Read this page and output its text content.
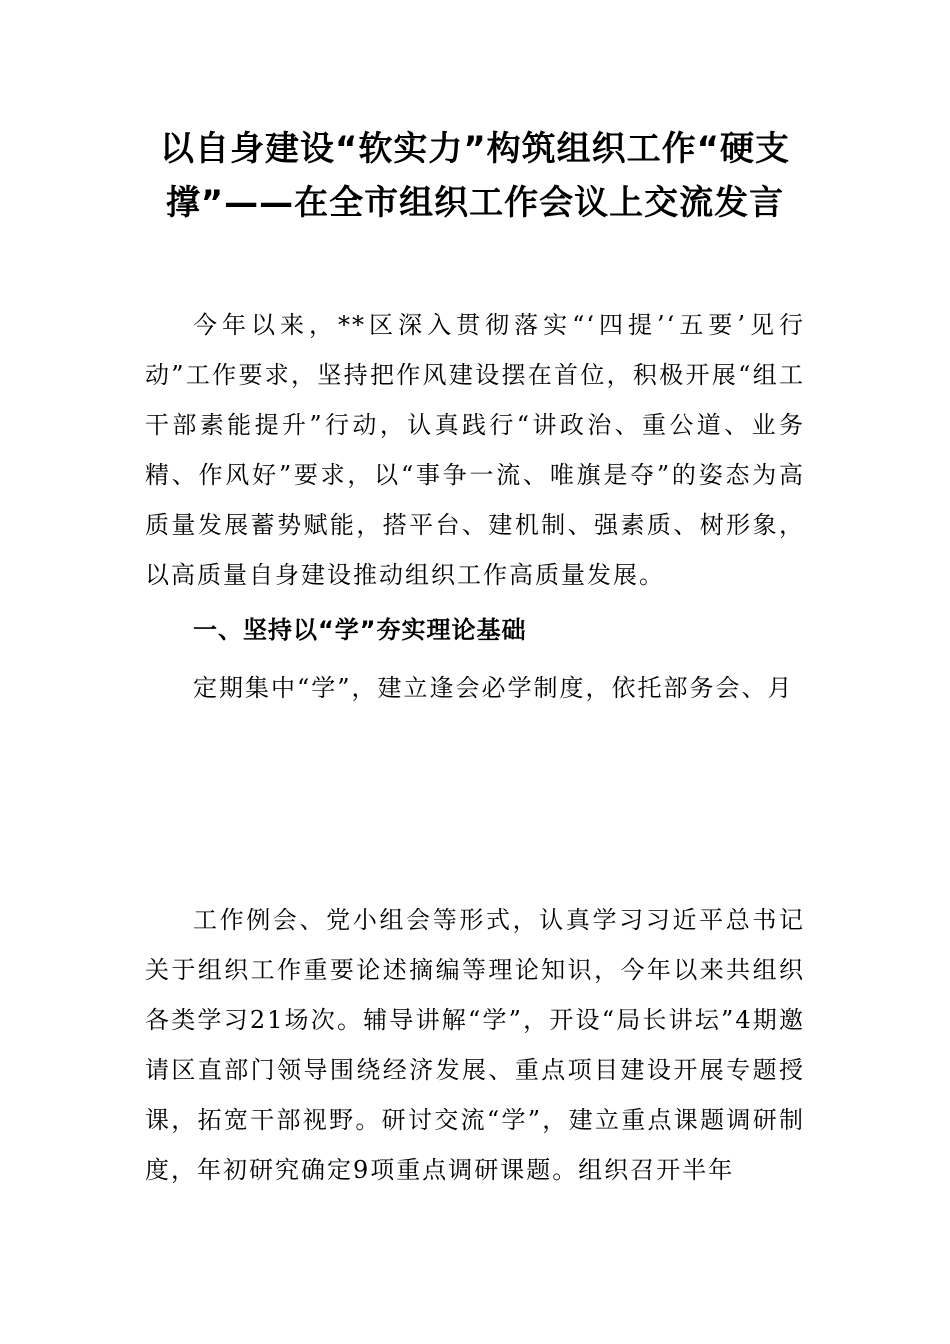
以自身建设“软实力”构筑组织工作“硬支撑”——在全市组织工作会议上交流发言

今年以来，**区深入贯彻落实“‘四提’‘五要’见行动”工作要求，坚持把作风建设摆在首位，积极开展“组工干部素能提升”行动，认真践行“讲政治、重公道、业务精、作风好”要求，以“事争一流、唯旗是夺”的姿态为高质量发展蓄势赋能，搭平台、建机制、强素质、树形象，以高质量自身建设推动组织工作高质量发展。

一、坚持以“学”夯实理论基础

定期集中“学”，建立逢会必学制度，依托部务会、月

工作例会、党小组会等形式，认真学习习近平总书记关于组织工作重要论述摘编等理论知识，今年以来共组织各类学习21场次。辅导讲解“学”，开设“局长讲坛”4期邀请区直部门领导围绕经济发展、重点项目建设开展专题授课，拓宽干部视野。研讨交流“学”，建立重点课题调研制度，年初研究确定9项重点调研课题。组织召开半年
